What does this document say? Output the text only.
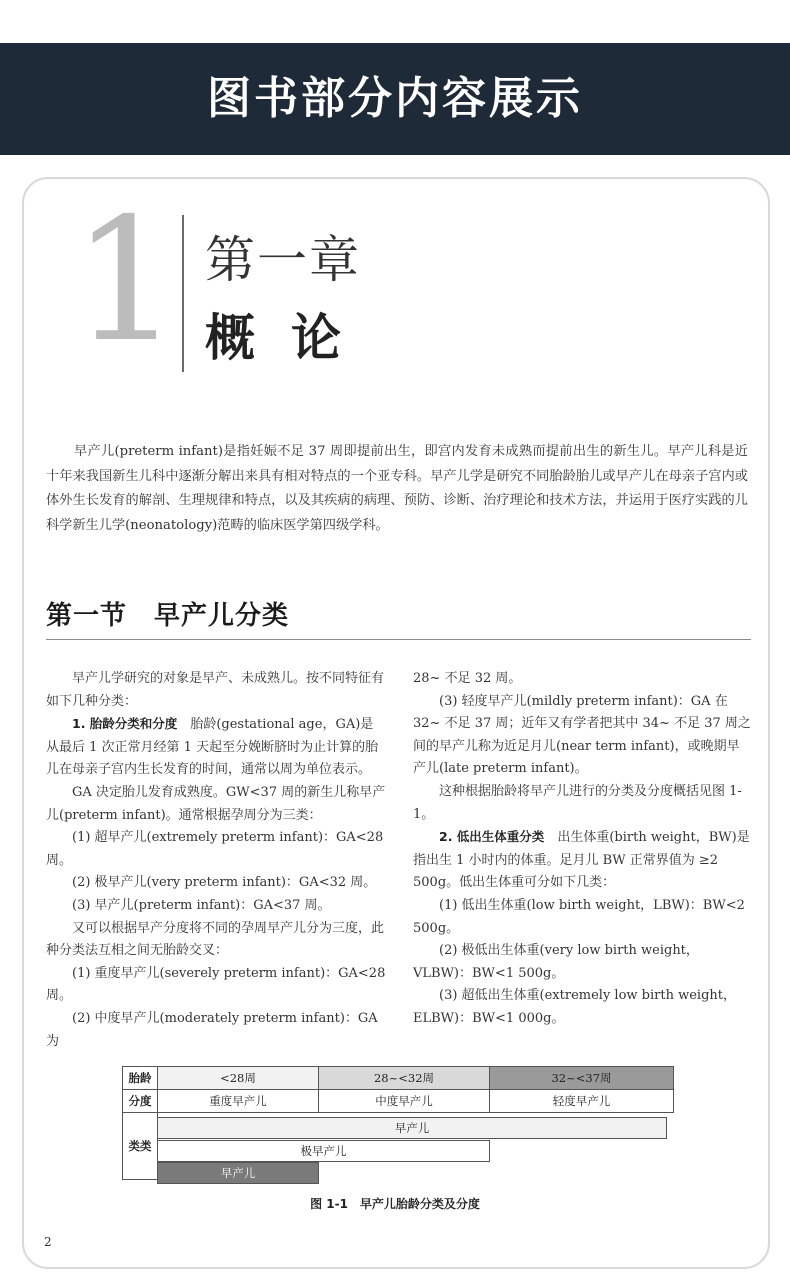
图书部分内容展示
1 第一章
概论
早产儿(preterm infant)是指妊娠不足 37 周即提前出生，即宫内发育未成熟而提前出生的新生儿。早产儿科是近十年来我国新生儿科中逐渐分解出来具有相对特点的一个亚专科。早产儿学是研究不同胎龄胎儿或早产儿在母亲子宫内或体外生长发育的解剖、生理规律和特点，以及其疾病的病理、预防、诊断、治疗理论和技术方法，并运用于医疗实践的儿科学新生儿学(neonatology)范畴的临床医学第四级学科。
第一节　早产儿分类

早产儿学研究的对象是早产、未成熟儿。按不同特征有如下几种分类：

1. 胎龄分类和分度　 胎龄(gestational age，GA)是从最后 1 次正常月经第 1 天起至分娩断脐时为止计算的胎儿在母亲子宫内生长发育的时间，通常以周为单位表示。

GA 决定胎儿发育成熟度。GW<37 周的新生儿称早产儿(preterm infant)。通常根据孕周分为三类：

(1) 超早产儿(extremely preterm infant)：GA<28 周。

(2) 极早产儿(very preterm infant)：GA<32 周。

(3) 早产儿(preterm infant)：GA<37 周。

又可以根据早产分度将不同的孕周早产儿分为三度，此种分类法互相之间无胎龄交叉：

(1) 重度早产儿(severely preterm infant)：GA<28 周。

(2) 中度早产儿(moderately preterm infant)：GA 为

28~ 不足 32 周。

(3) 轻度早产儿(mildly preterm infant)：GA 在 32~ 不足 37 周；近年又有学者把其中 34~ 不足 37 周之间的早产儿称为近足月儿(near term infant)，或晚期早产儿(late preterm infant)。

这种根据胎龄将早产儿进行的分类及分度概括见图 1-1。

2. 低出生体重分类　 出生体重(birth weight，BW)是指出生 1 小时内的体重。足月儿 BW 正常界值为 ≥2 500g。低出生体重可分如下几类：

(1) 低出生体重(low birth weight，LBW)：BW<2 500g。

(2) 极低出生体重(very low birth weight，VLBW)：BW<1 500g。

(3) 超低出生体重(extremely low birth weight，ELBW)：BW<1 000g。

胎龄	<28周	28~<32周	32~<37周
分度	重度早产儿	中度早产儿	轻度早产儿
类类			
早产儿
极早产儿
早产儿
图 1-1　早产儿胎龄分类及分度
2
